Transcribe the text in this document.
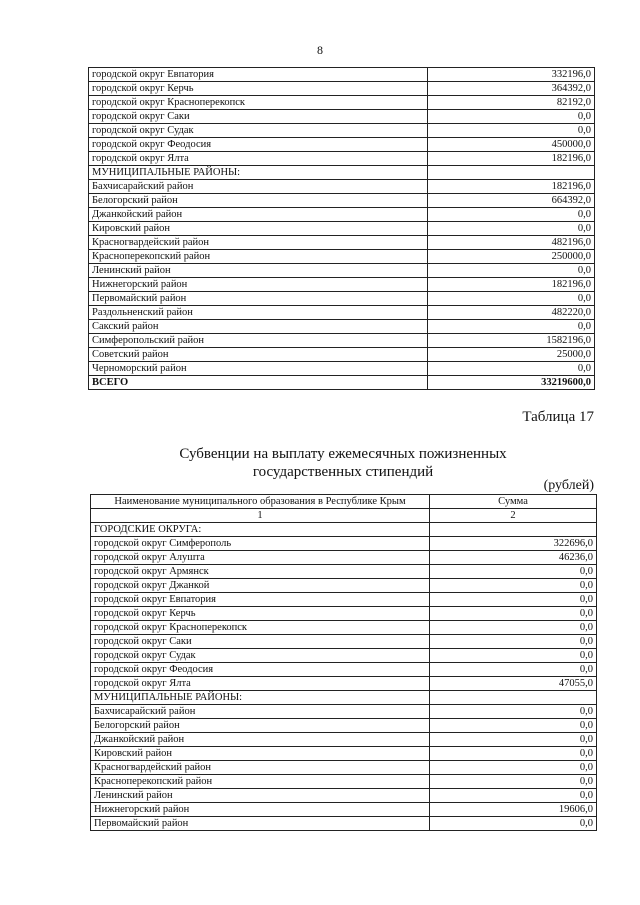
8
городской округ Евпатория	332196,0
городской округ Керчь	364392,0
городской округ Красноперекопск	82192,0
городской округ Саки	0,0
городской округ Судак	0,0
городской округ Феодосия	450000,0
городской округ Ялта	182196,0
МУНИЦИПАЛЬНЫЕ РАЙОНЫ:	
Бахчисарайский район	182196,0
Белогорский район	664392,0
Джанкойский район	0,0
Кировский район	0,0
Красногвардейский район	482196,0
Красноперекопский район	250000,0
Ленинский район	0,0
Нижнегорский район	182196,0
Первомайский район	0,0
Раздольненский район	482220,0
Сакский район	0,0
Симферопольский район	1582196,0
Советский район	25000,0
Черноморский район	0,0
ВСЕГО	33219600,0
Таблица 17
Субвенции на выплату ежемесячных пожизненных
государственных стипендий
(рублей)
Наименование муниципального образования в Республике Крым	Сумма
1	2
ГОРОДСКИЕ ОКРУГА:	
городской округ Симферополь	322696,0
городской округ Алушта	46236,0
городской округ Армянск	0,0
городской округ Джанкой	0,0
городской округ Евпатория	0,0
городской округ Керчь	0,0
городской округ Красноперекопск	0,0
городской округ Саки	0,0
городской округ Судак	0,0
городской округ Феодосия	0,0
городской округ Ялта	47055,0
МУНИЦИПАЛЬНЫЕ РАЙОНЫ:	
Бахчисарайский район	0,0
Белогорский район	0,0
Джанкойский район	0,0
Кировский район	0,0
Красногвардейский район	0,0
Красноперекопский район	0,0
Ленинский район	0,0
Нижнегорский район	19606,0
Первомайский район	0,0
